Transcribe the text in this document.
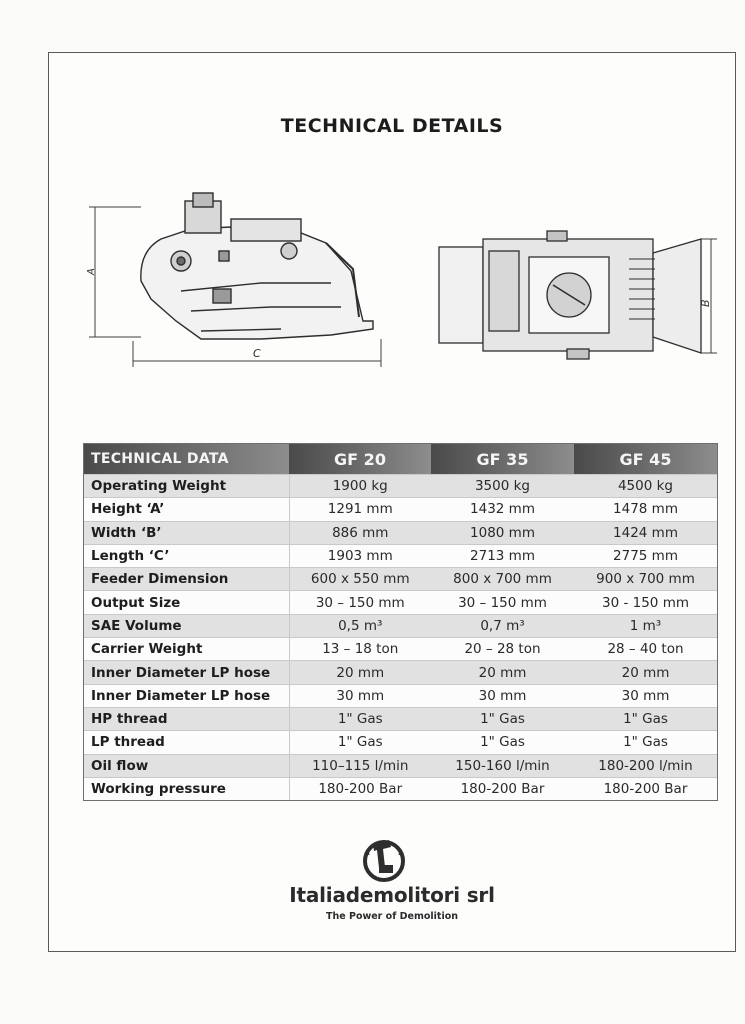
TECHNICAL DETAILS
A
C
B
TECHNICAL DATA	GF 20	GF 35	GF 45
Operating Weight	1900 kg	3500 kg	4500 kg
Height ‘A’	1291 mm	1432 mm	1478 mm
Width ‘B’	886 mm	1080 mm	1424 mm
Length ‘C’	1903 mm	2713 mm	2775 mm
Feeder Dimension	600 x 550 mm	800 x 700 mm	900 x 700 mm
Output Size	30 – 150 mm	30 – 150 mm	30 - 150 mm
SAE Volume	0,5 m³	0,7 m³	1 m³
Carrier Weight	13 – 18 ton	20 – 28 ton	28 – 40 ton
Inner Diameter LP hose	20 mm	20 mm	20 mm
Inner Diameter LP hose	30 mm	30 mm	30 mm
HP thread	1" Gas	1" Gas	1" Gas
LP thread	1" Gas	1" Gas	1" Gas
Oil flow	110–115 l/min	150-160 l/min	180-200 l/min
Working pressure	180-200 Bar	180-200 Bar	180-200 Bar
Italiademolitori srl
The Power of Demolition
